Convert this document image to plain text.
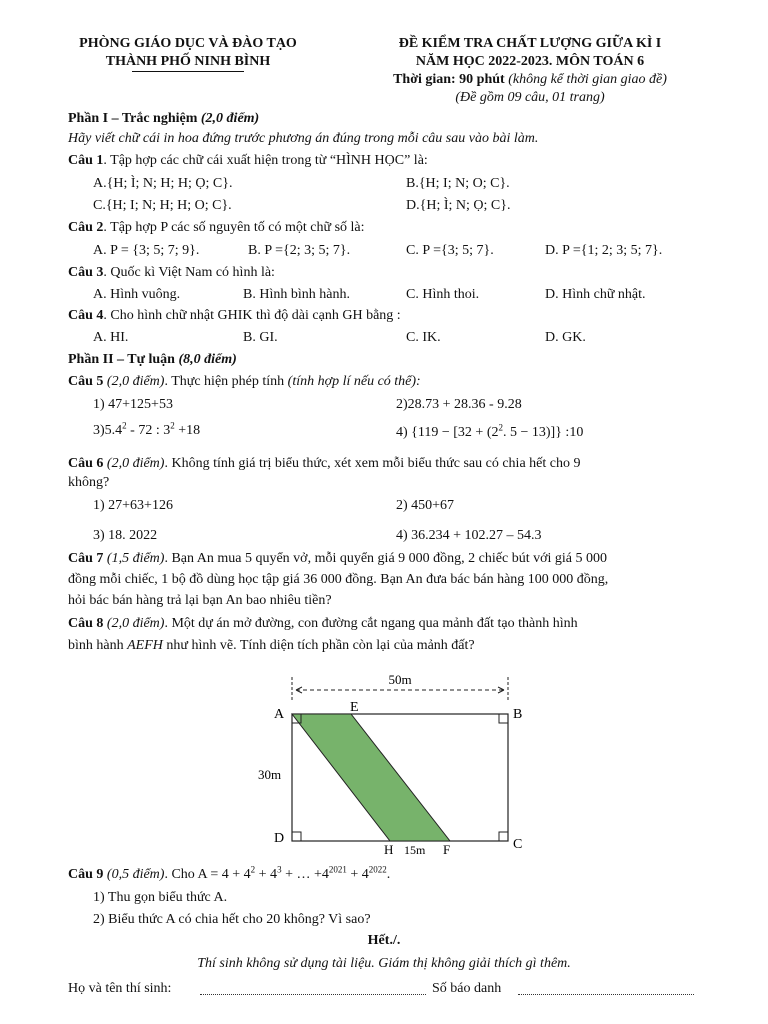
PHÒNG GIÁO DỤC VÀ ĐÀO TẠO
THÀNH PHỐ NINH BÌNH
ĐỀ KIỂM TRA CHẤT LƯỢNG GIỮA KÌ I
NĂM HỌC 2022-2023. MÔN TOÁN 6
Thời gian: 90 phút (không kể thời gian giao đề)
(Đề gồm 09 câu, 01 trang)
Phần I – Trắc nghiệm (2,0 điểm)
Hãy viết chữ cái in hoa đứng trước phương án đúng trong mỗi câu sau vào bài làm.
Câu 1. Tập hợp các chữ cái xuất hiện trong từ “HÌNH HỌC” là:
A.{H; Ì; N; H; H; Ọ; C}.	B.{H; I; N; O; C}.
C.{H; I; N; H; H; O; C}.	D.{H; Ì; N; Ọ; C}.
Câu 2. Tập hợp P các số nguyên tố có một chữ số là:
A. P = {3; 5; 7; 9}.	B. P ={2; 3; 5; 7}.	C. P ={3; 5; 7}.	D. P ={1; 2; 3; 5; 7}.
Câu 3. Quốc kì Việt Nam có hình là:
A. Hình vuông.	B. Hình bình hành.	C. Hình thoi.	D. Hình chữ nhật.
Câu 4. Cho hình chữ nhật GHIK thì độ dài cạnh GH bằng :
A. HI.	B. GI.	C. IK.	D. GK.
Phần II – Tự luận (8,0 điểm)
Câu 5 (2,0 điểm). Thực hiện phép tính (tính hợp lí nếu có thể):
1) 47+125+53	2)28.73 + 28.36 - 9.28
$3)5.4^2 - 72$ : $3^2 +18$	4) {$119 - [32 + (2^2$. 5 − 13)]} :10
Câu 6 (2,0 điểm). Không tính giá trị biểu thức, xét xem mỗi biểu thức sau có chia hết cho 9
không?
1) 27+63+126	2) 450+67
3) 18. 2022	4) 36.234 + 102.27 – 54.3
Câu 7 (1,5 điểm). Bạn An mua 5 quyển vở, mỗi quyển giá 9 000 đồng, 2 chiếc bút với giá 5 000
đồng mỗi chiếc, 1 bộ đồ dùng học tập giá 36 000 đồng. Bạn An đưa bác bán hàng 100 000 đồng,
hỏi bác bán hàng trả lại bạn An bao nhiêu tiền?
Câu 8 (2,0 điểm). Một dự án mở đường, con đường cắt ngang qua mảnh đất tạo thành hình
bình hành AEFH như hình vẽ. Tính diện tích phần còn lại của mảnh đất?
50m
A	E	B
D	C
H 15m F
30m
Câu 9 (0,5 điểm). Cho $A = 4 + 4^2 + 4^3$ + … $+4^{2021} + 4^{2022}$.
1) Thu gọn biểu thức A.
2) Biểu thức A có chia hết cho 20 không? Vì sao?
Hết./.
Thí sinh không sử dụng tài liệu. Giám thị không giải thích gì thêm.
Họ và tên thí sinh:	Số báo danh
